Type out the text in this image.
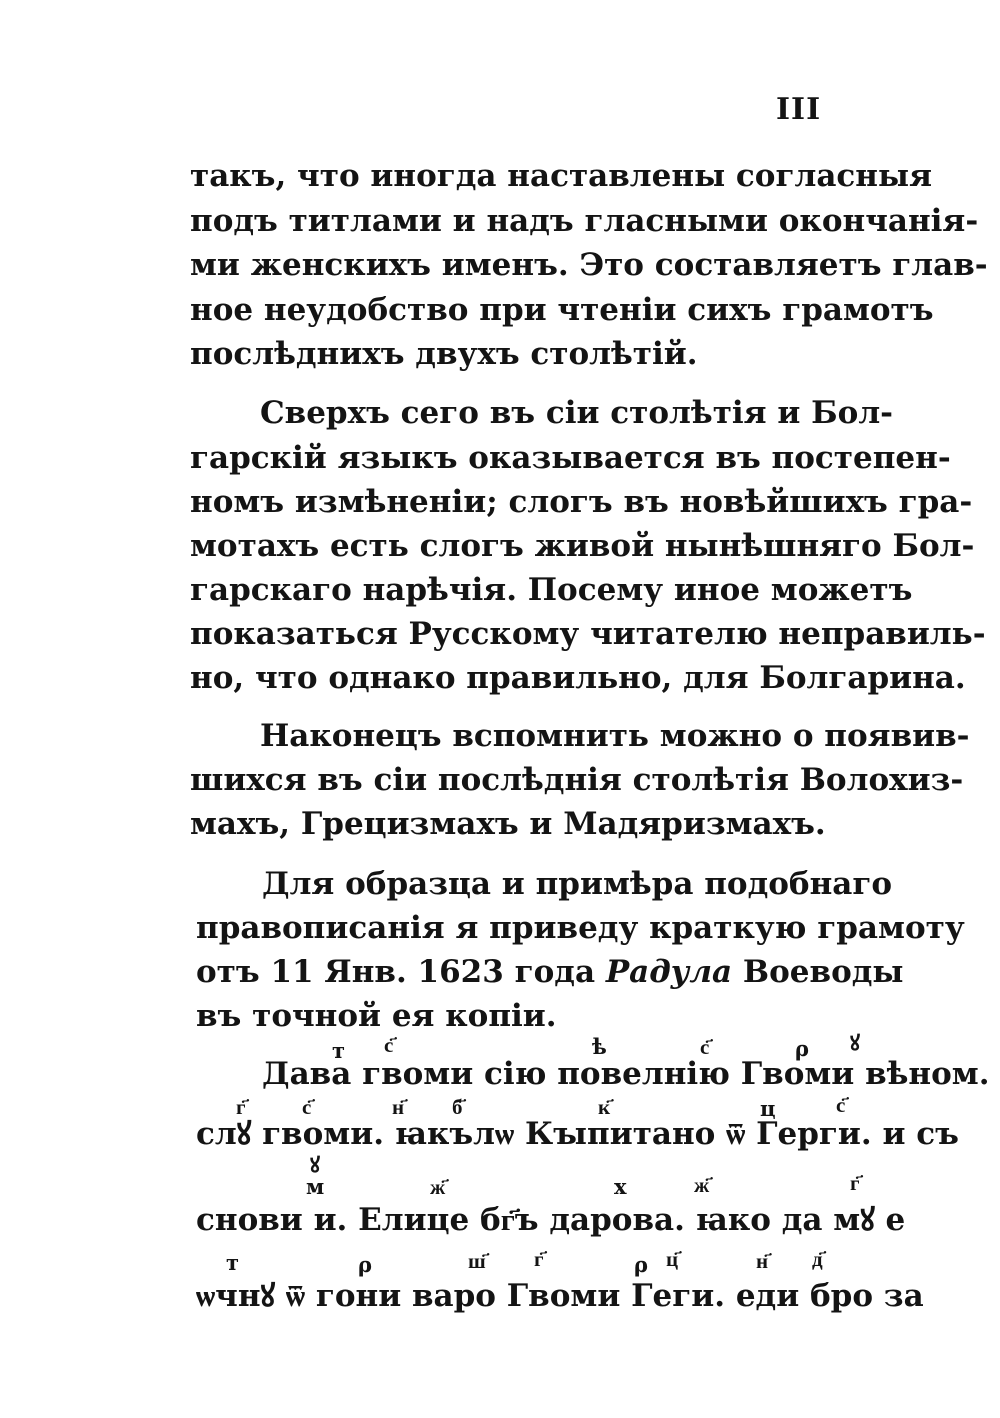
III
такъ, что иногда наставлены согласныя
подъ титлами и надъ гласными окончанія-
ми женскихъ именъ. Это составляетъ глав-
ное неудобство при чтеніи сихъ грамотъ
послѣднихъ двухъ столѣтій.
Сверхъ сего въ сіи столѣтія и Бол-
гарскій языкъ оказывается въ постепен-
номъ измѣненіи; слогъ въ новѣйшихъ гра-
мотахъ есть слогъ живой нынѣшняго Бол-
гарскаго нарѣчія. Посему иное можетъ
показаться Русскому читателю неправиль-
но, что однако правильно, для Болгарина.
Наконецъ вспомнить можно о появив-
шихся въ сіи послѣднія столѣтія Волохиз-
махъ, Грецизмахъ и Мадяризмахъ.
Для образца и примѣра подобнаго
правописанія я приведу краткую грамоту
отъ 11 Янв. 1623 года Радула Воеводы
въ точной ея копіи.
т с҃	ѣ	с҃	ρ ꙋ
Дава гвоми сію повелнію Гвоми вѣном.
г҃	с҃	н҃ б҃	к҃	ц	с҃
слꙋ гвоми. ꙗкълѡ Кꙑпитано ѿ Герги. и съ
ꙋ
м	ж҃	х	ж҃	г҃
снови и. Елице бг҃ъ дарова. ꙗко да мꙋ е
т	ρ	ш҃ г҃	ρ ц҃	н҃ д҃
ѡчнꙋ ѿ гони варо Гвоми Геги. еди бро за
